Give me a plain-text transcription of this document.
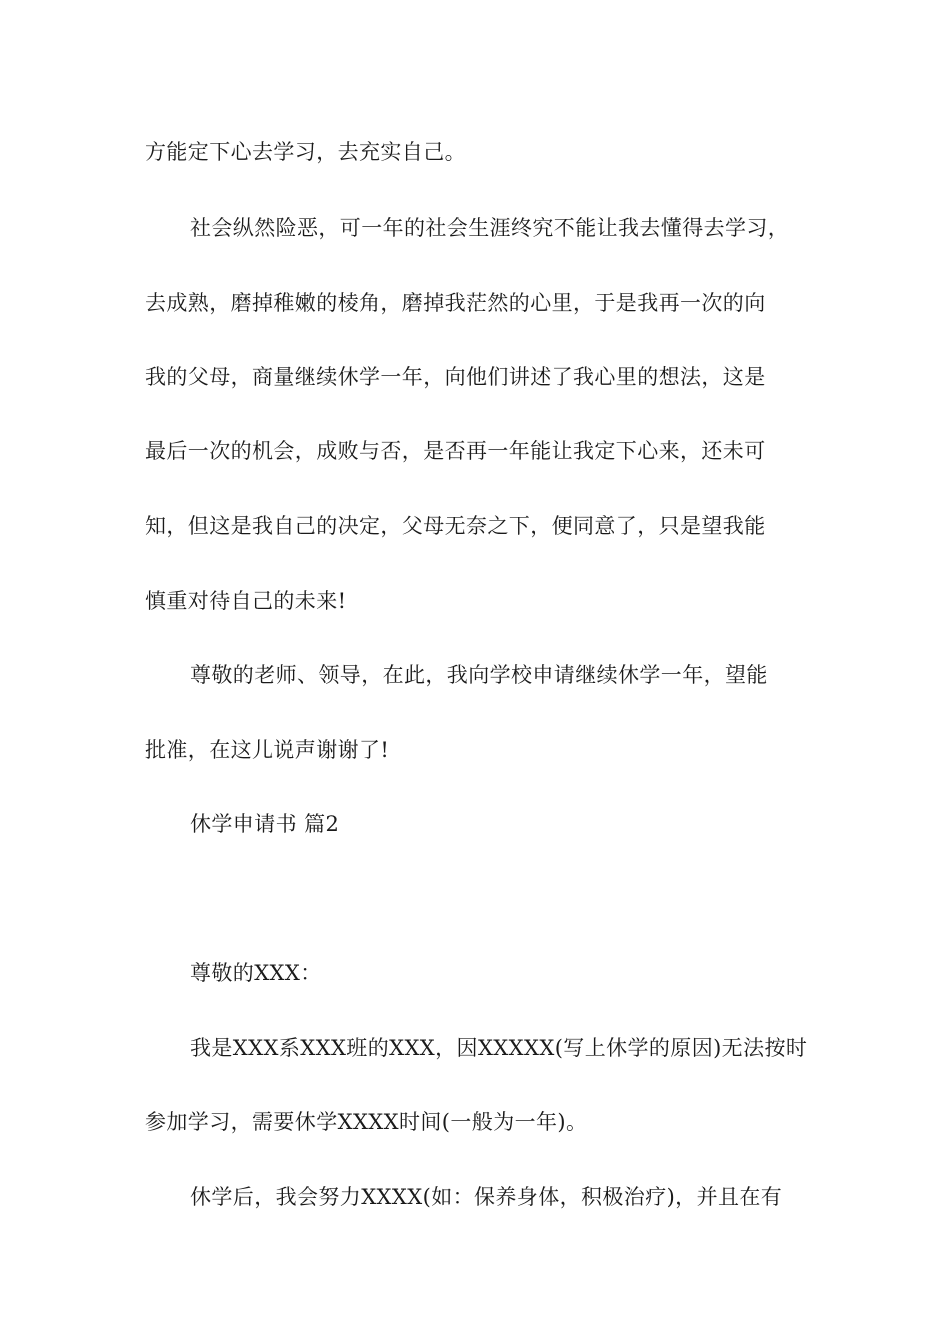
方能定下心去学习，去充实自己。
社会纵然险恶，可一年的社会生涯终究不能让我去懂得去学习，
去成熟，磨掉稚嫩的棱角，磨掉我茫然的心里，于是我再一次的向
我的父母，商量继续休学一年，向他们讲述了我心里的想法，这是
最后一次的机会，成败与否，是否再一年能让我定下心来，还未可
知，但这是我自己的决定，父母无奈之下，便同意了，只是望我能
慎重对待自己的未来!
尊敬的老师、领导，在此，我向学校申请继续休学一年，望能
批准，在这儿说声谢谢了!
休学申请书 篇2
尊敬的XXX：
我是XXX系XXX班的XXX，因XXXXX(写上休学的原因)无法按时
参加学习，需要休学XXXX时间(一般为一年)。
休学后，我会努力XXXX(如：保养身体，积极治疗)，并且在有
